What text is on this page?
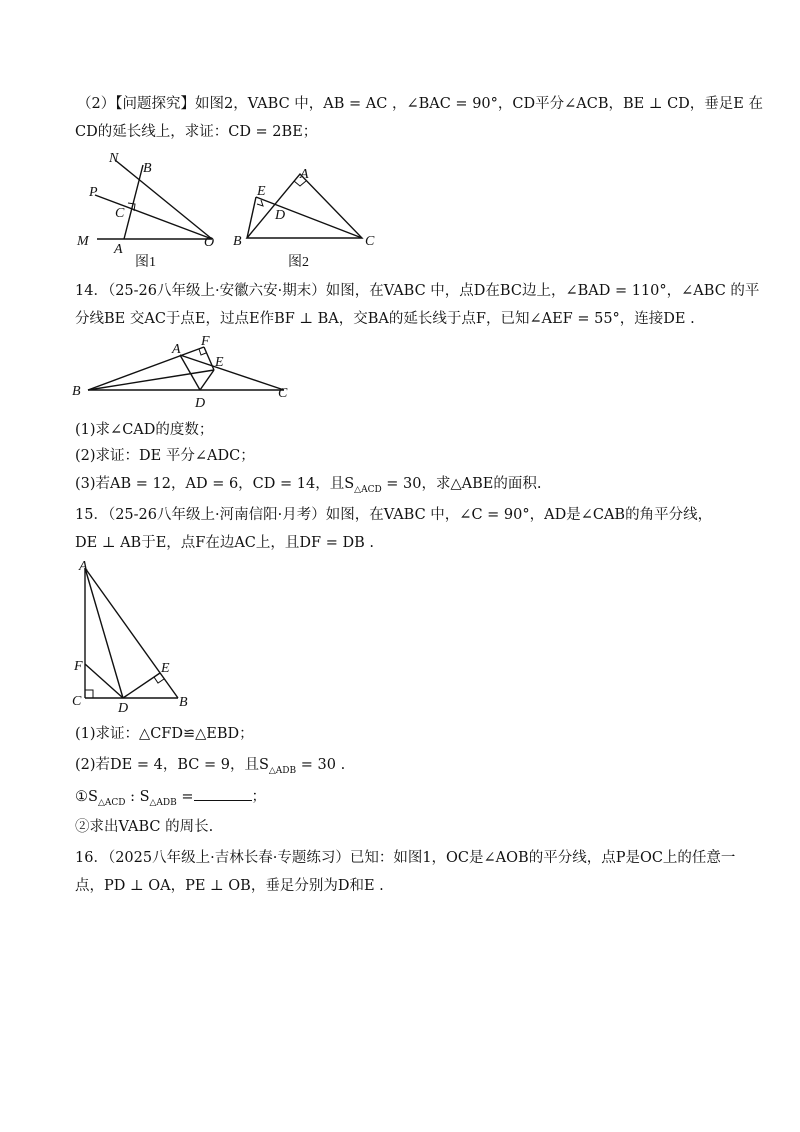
（2）【问题探究】如图2，VABC 中，AB = AC ，∠BAC = 90°，CD平分∠ACB，BE ⊥ CD，垂足E 在
CD的延长线上，求证：CD = 2BE；
N
B
P
C
M
A	O
图1
E
A
D
B	C
图2
14．（25-26八年级上·安徽六安·期末）如图，在VABC 中，点D在BC边上，∠BAD = 110°，∠ABC 的平
分线BE 交AC于点E，过点E作BF ⊥ BA，交BA的延长线于点F，已知∠AEF = 55°，连接DE .
A
F
E
B
D
C
(1)求∠CAD的度数；
(2)求证：DE 平分∠ADC；
(3)若AB = 12，AD = 6，CD = 14，且$S_{\triangle ACD} = 30$，求△ABE的面积.
15．（25-26八年级上·河南信阳·月考）如图，在VABC 中，∠C = 90°，AD是∠CAB的角平分线，
DE ⊥ AB于E，点F在边AC上，且DF = DB .
A
F
C	D
E
B
(1)求证：△CFD≌△EBD；
(2)若DE = 4，BC = 9，且$S_{\triangle ADB} = 30$ .
$①S_{\triangle ACD}$ : $S_{\triangle ADB}$ =	；
②求出VABC 的周长.
16．（2025八年级上·吉林长春·专题练习）已知：如图1，OC是∠AOB的平分线，点P是OC上的任意一
点，PD ⊥ OA，PE ⊥ OB，垂足分别为D和E .
